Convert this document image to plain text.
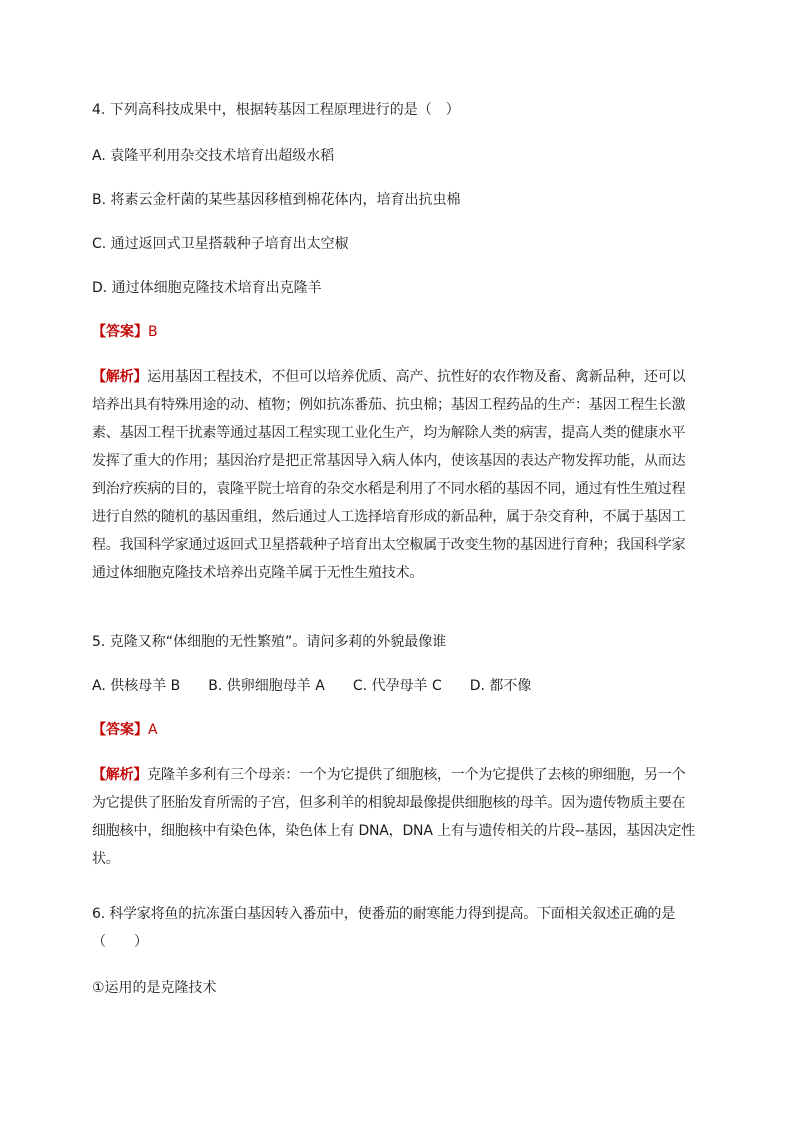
4. 下列高科技成果中，根据转基因工程原理进行的是（　）
A. 袁隆平利用杂交技术培育出超级水稻
B. 将素云金杆菌的某些基因移植到棉花体内，培育出抗虫棉
C. 通过返回式卫星搭载种子培育出太空椒
D. 通过体细胞克隆技术培育出克隆羊
【答案】B
【解析】运用基因工程技术，不但可以培养优质、高产、抗性好的农作物及畜、禽新品种，还可以
培养出具有特殊用途的动、植物；例如抗冻番茄、抗虫棉；基因工程药品的生产：基因工程生长激
素、基因工程干扰素等通过基因工程实现工业化生产，均为解除人类的病害，提高人类的健康水平
发挥了重大的作用；基因治疗是把正常基因导入病人体内，使该基因的表达产物发挥功能，从而达
到治疗疾病的目的，袁隆平院士培育的杂交水稻是利用了不同水稻的基因不同，通过有性生殖过程
进行自然的随机的基因重组，然后通过人工选择培育形成的新品种，属于杂交育种，不属于基因工
程。我国科学家通过返回式卫星搭载种子培育出太空椒属于改变生物的基因进行育种；我国科学家
通过体细胞克隆技术培养出克隆羊属于无性生殖技术。
5. 克隆又称“体细胞的无性繁殖”。请问多莉的外貌最像谁
A. 供核母羊 B　　B. 供卵细胞母羊 A　　C. 代孕母羊 C　　D. 都不像
【答案】A
【解析】克隆羊多利有三个母亲：一个为它提供了细胞核，一个为它提供了去核的卵细胞，另一个
为它提供了胚胎发育所需的子宫，但多利羊的相貌却最像提供细胞核的母羊。因为遗传物质主要在
细胞核中，细胞核中有染色体，染色体上有 DNA，DNA 上有与遗传相关的片段--基因，基因决定性
状。
6. 科学家将鱼的抗冻蛋白基因转入番茄中，使番茄的耐寒能力得到提高。下面相关叙述正确的是
（　　）
①运用的是克隆技术
